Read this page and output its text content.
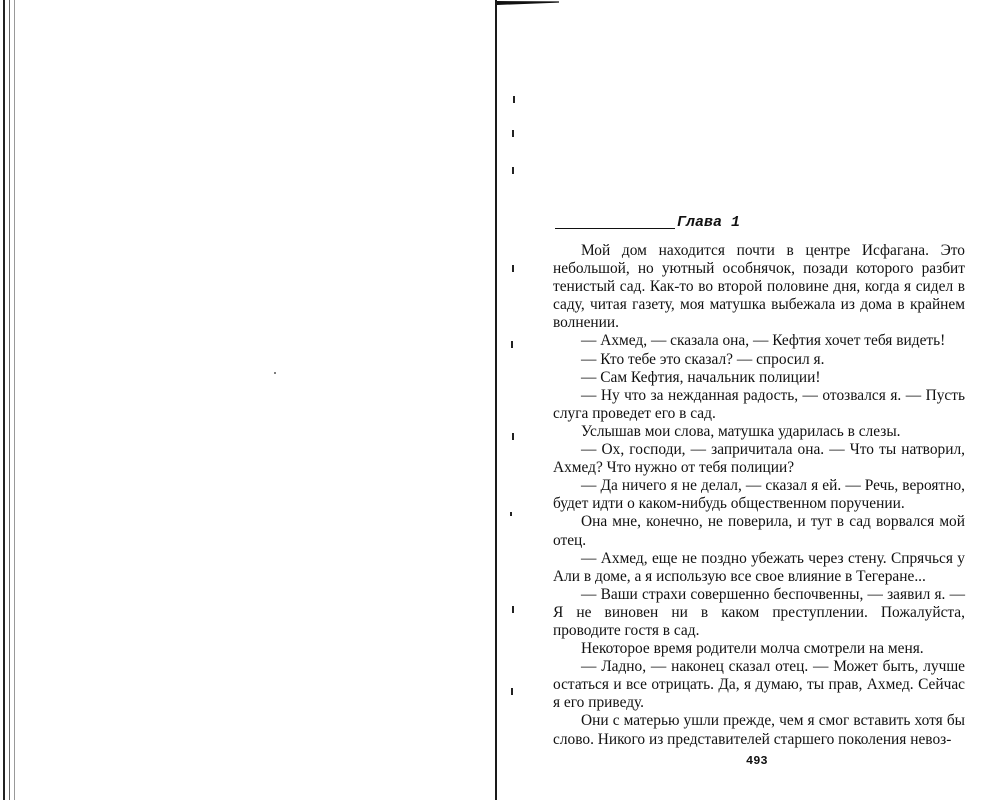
Глава 1

Мой дом находится почти в центре Исфагана. Это небольшой, но уютный особнячок, позади которого разбит тенистый сад. Как-то во второй половине дня, когда я сидел в саду, читая газету, моя матушка выбежала из дома в крайнем волнении.

— Ахмед, — сказала она, — Кефтия хочет тебя видеть!

— Кто тебе это сказал? — спросил я.

— Сам Кефтия, начальник полиции!

— Ну что за нежданная радость, — отозвался я. — Пусть слуга проведет его в сад.

Услышав мои слова, матушка ударилась в слезы.

— Ох, господи, — запричитала она. — Что ты натворил, Ахмед? Что нужно от тебя полиции?

— Да ничего я не делал, — сказал я ей. — Речь, вероятно, будет идти о каком-нибудь общественном поручении.

Она мне, конечно, не поверила, и тут в сад ворвался мой отец.

— Ахмед, еще не поздно убежать через стену. Спрячься у Али в доме, а я использую все свое влияние в Тегеране...

— Ваши страхи совершенно беспочвенны, — заявил я. — Я не виновен ни в каком преступлении. Пожалуйста, проводите гостя в сад.

Некоторое время родители молча смотрели на меня.

— Ладно, — наконец сказал отец. — Может быть, лучше остаться и все отрицать. Да, я думаю, ты прав, Ахмед. Сейчас я его приведу.

Они с матерью ушли прежде, чем я смог вставить хотя бы слово. Никого из представителей старшего поколения невоз-

493
